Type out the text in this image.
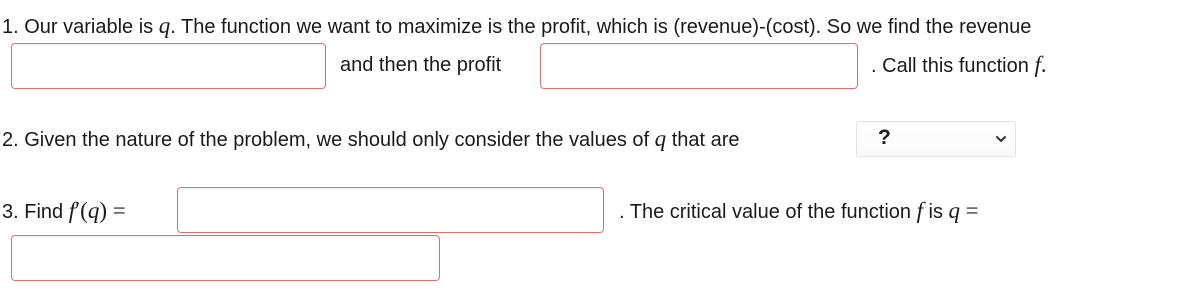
1. Our variable is q. The function we want to maximize is the profit, which is (revenue)-(cost). So we find the revenue
and then the profit	. Call this function f.
2. Given the nature of the problem, we should only consider the values of q that are	?
3. Find f′(q) =	. The critical value of the function f is q =
